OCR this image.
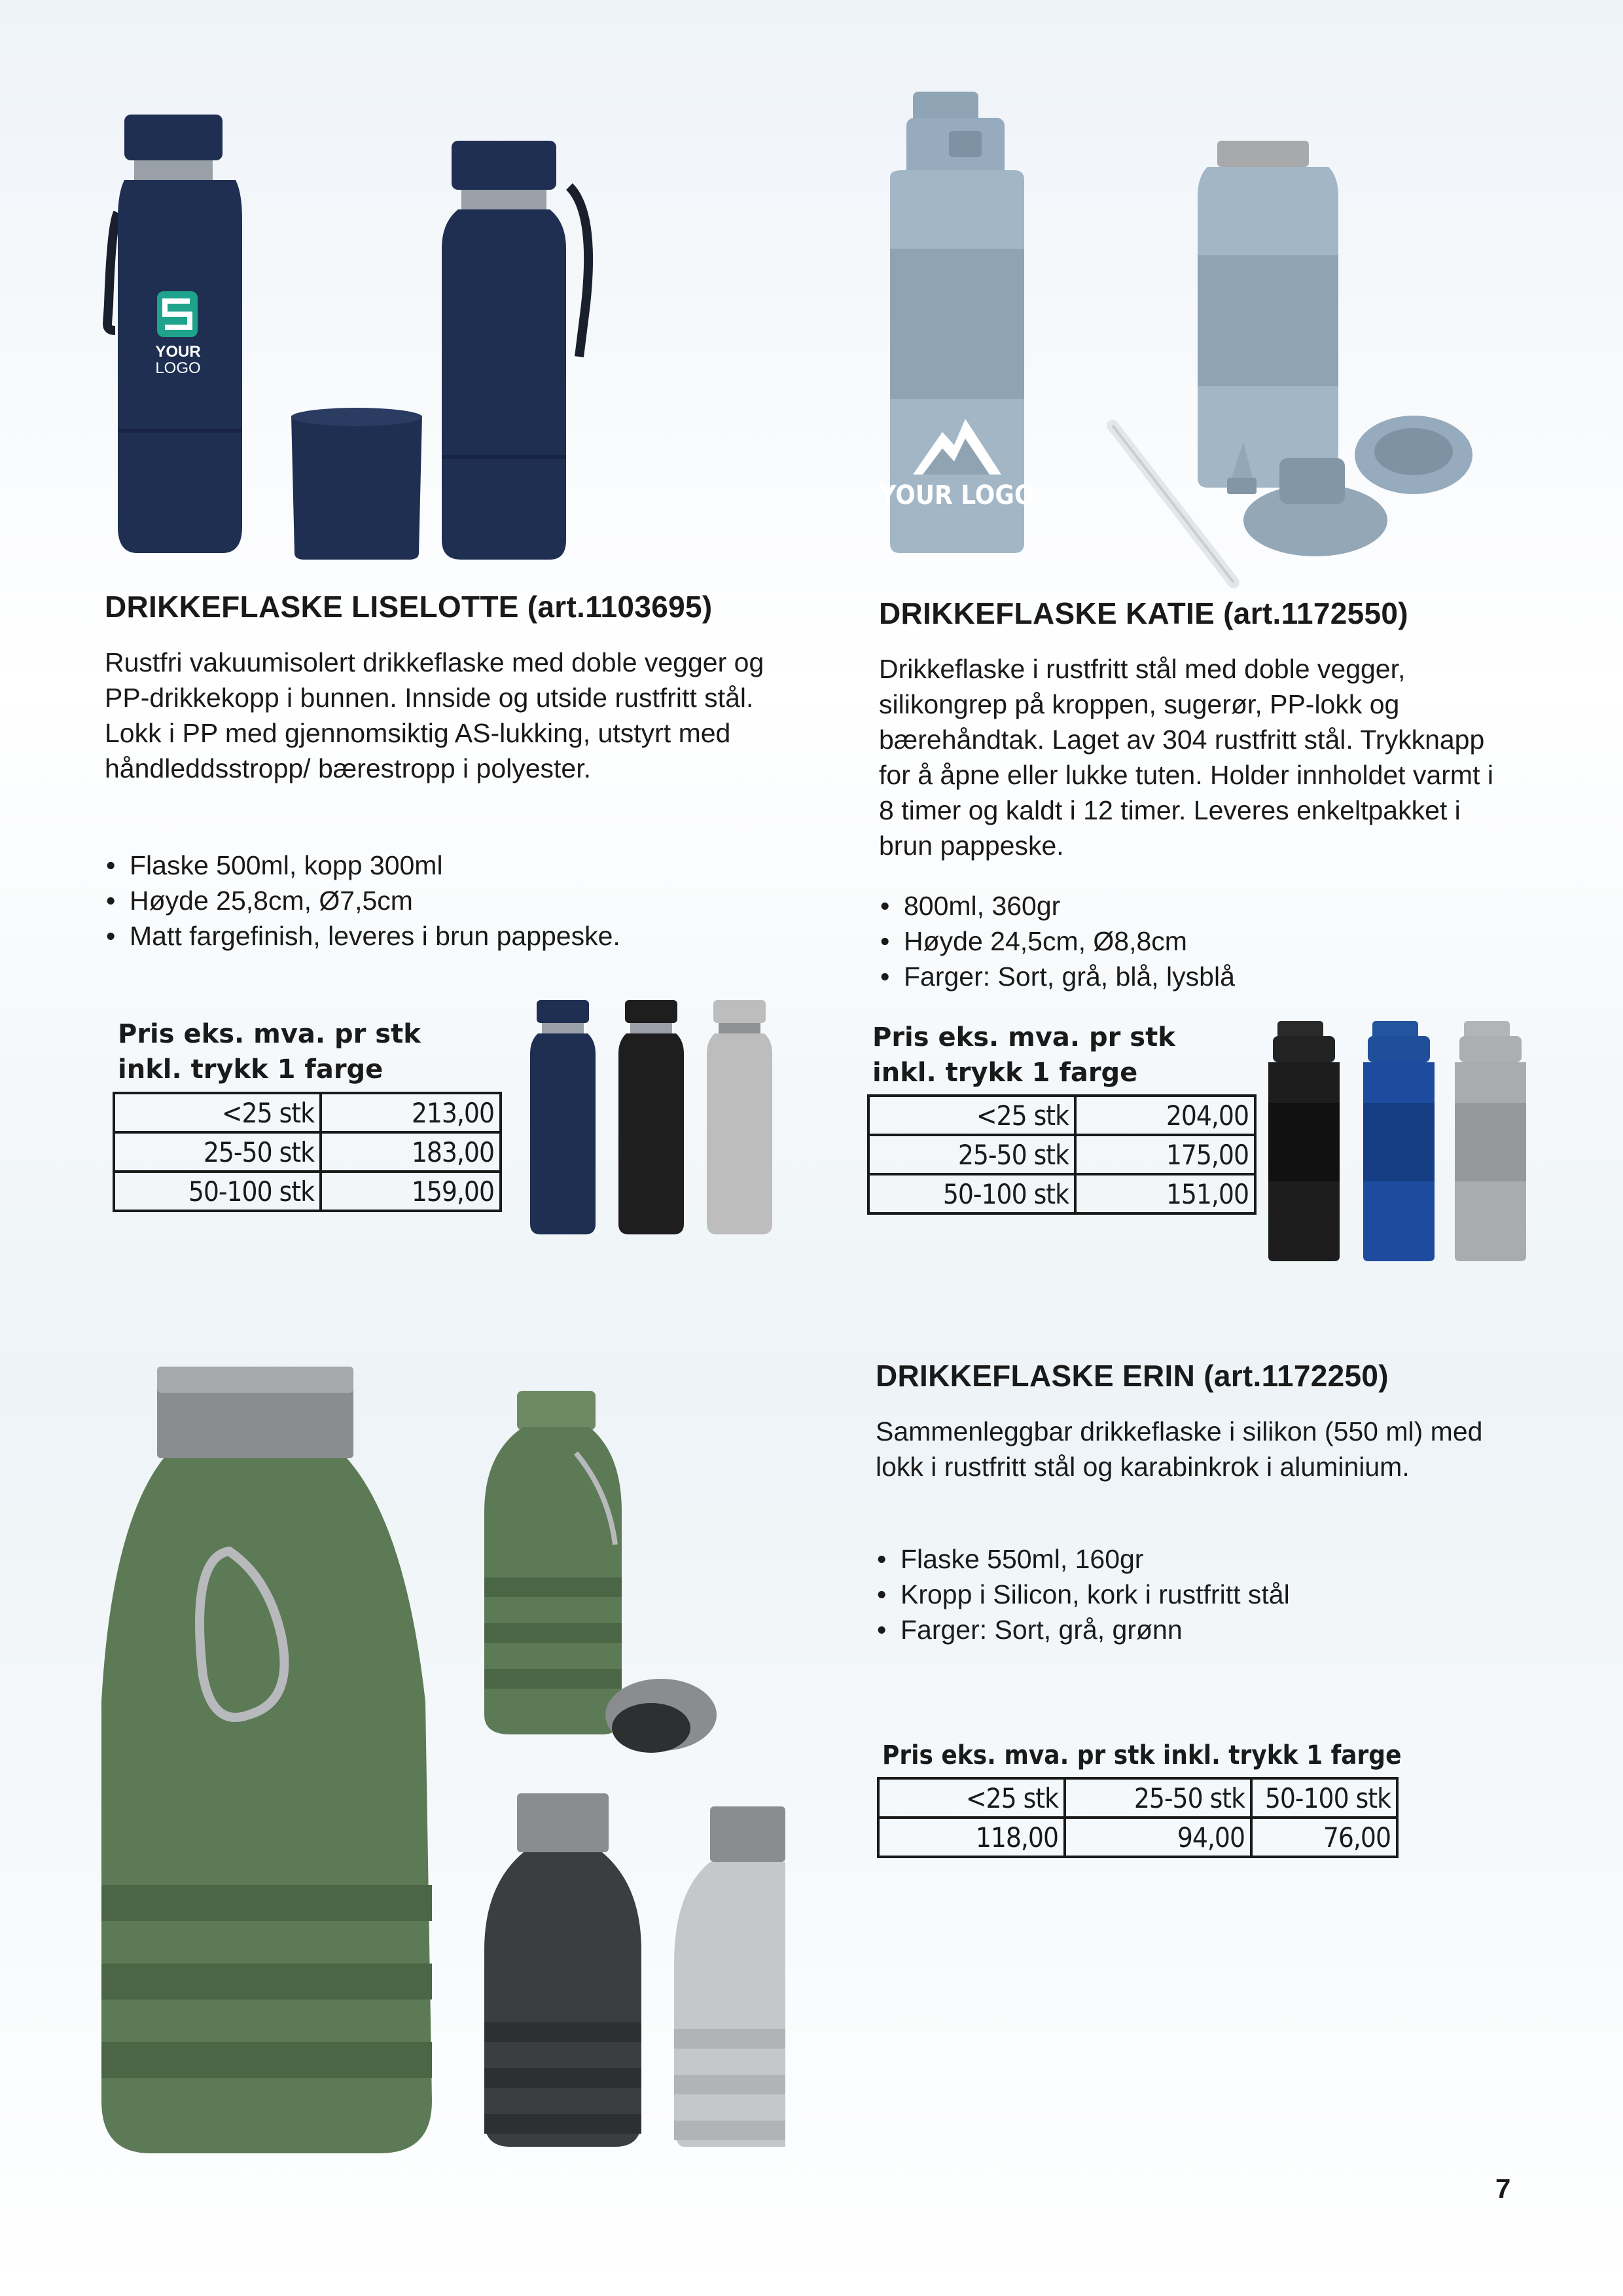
YOUR
LOGO
DRIKKEFLASKE LISELOTTE (art.1103695)

Rustfri vakuumisolert drikkeflaske med doble vegger og PP-drikkekopp i bunnen. Innside og utside rustfritt stål. Lokk i PP med gjennomsiktig AS-lukking, utstyrt med håndleddsstropp/ bærestropp i polyester.

• Flaske 500ml, kopp 300ml
• Høyde 25,8cm, Ø7,5cm
• Matt fargefinish, leveres i brun pappeske.
Pris eks. mva. pr stk
inkl. trykk 1 farge
<25 stk	213,00
25-50 stk	183,00
50-100 stk	159,00
YOUR LOGO
DRIKKEFLASKE KATIE (art.1172550)

Drikkeflaske i rustfritt stål med doble vegger, silikongrep på kroppen, sugerør, PP-lokk og bærehåndtak. Laget av 304 rustfritt stål. Trykknapp for å åpne eller lukke tuten. Holder innholdet varmt i 8 timer og kaldt i 12 timer. Leveres enkeltpakket i brun pappeske.

• 800ml, 360gr
• Høyde 24,5cm, Ø8,8cm
• Farger: Sort, grå, blå, lysblå
Pris eks. mva. pr stk
inkl. trykk 1 farge
<25 stk	204,00
25-50 stk	175,00
50-100 stk	151,00
DRIKKEFLASKE ERIN (art.1172250)

Sammenleggbar drikkeflaske i silikon (550 ml) med lokk i rustfritt stål og karabinkrok i aluminium.

• Flaske 550ml, 160gr
• Kropp i Silicon, kork i rustfritt stål
• Farger: Sort, grå, grønn
Pris eks. mva. pr stk inkl. trykk 1 farge
<25 stk	25-50 stk	50-100 stk
118,00	94,00	76,00
7
